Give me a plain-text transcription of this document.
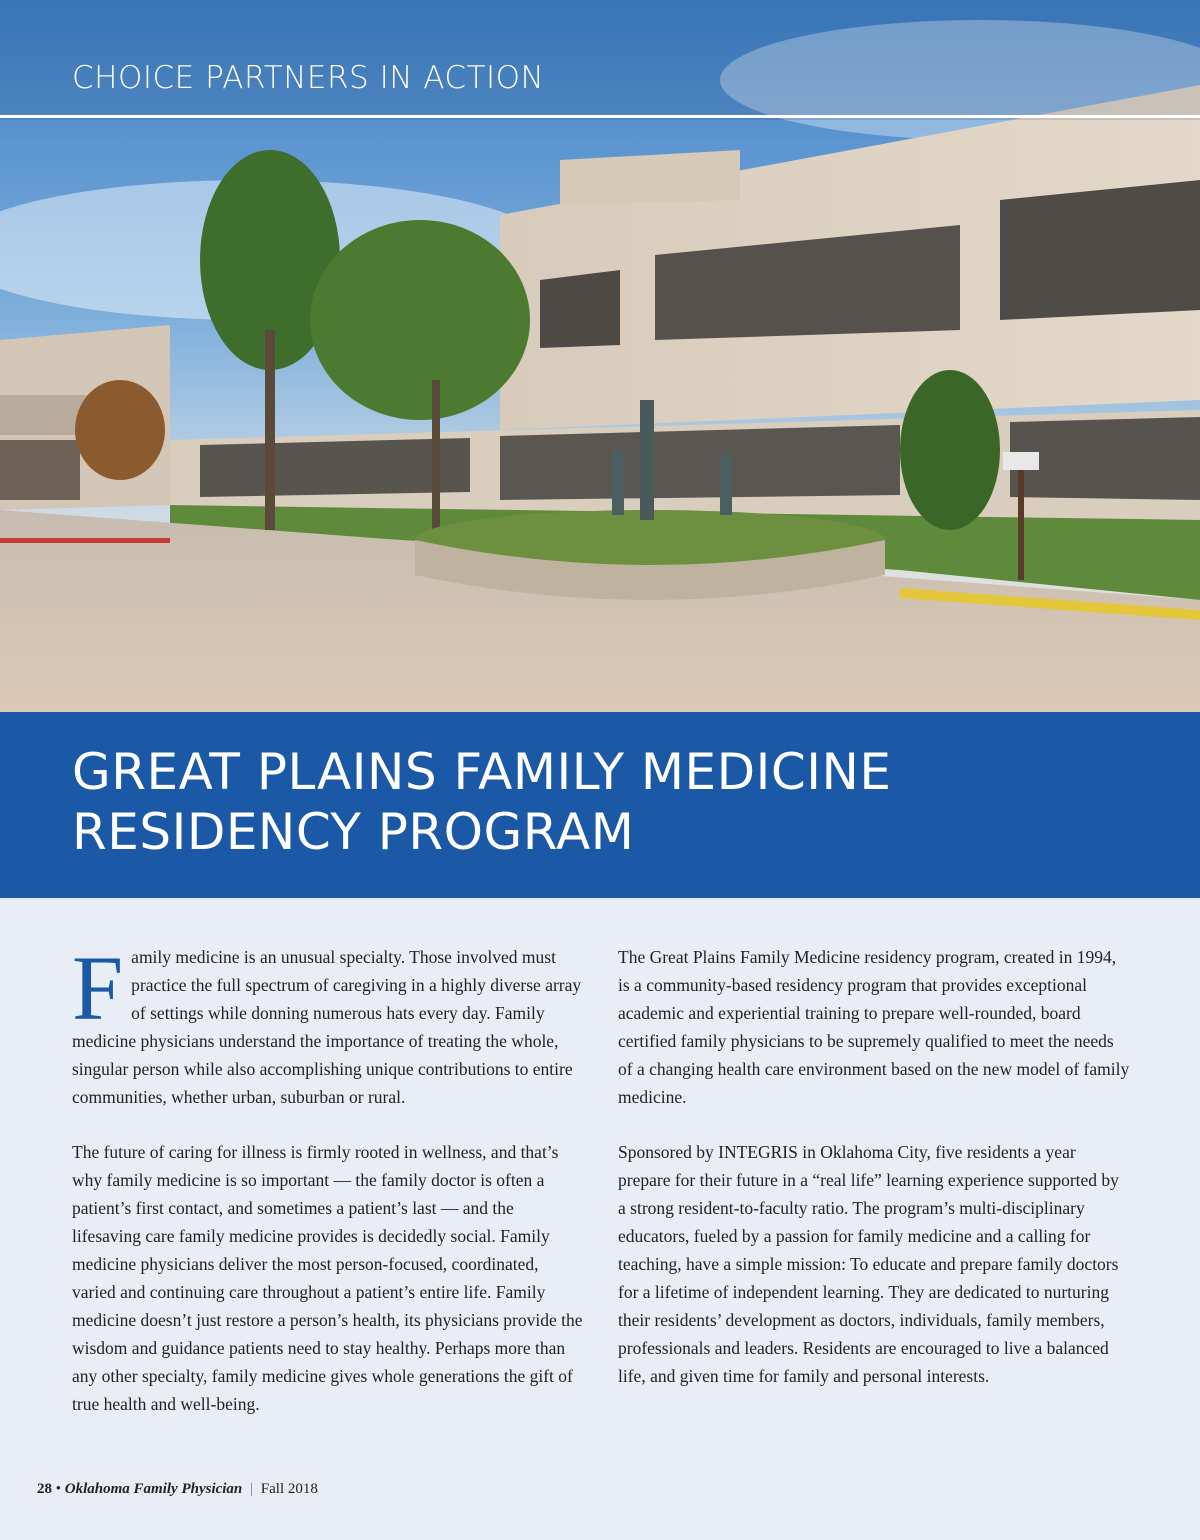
CHOICE PARTNERS IN ACTION
GREAT PLAINS FAMILY MEDICINE
RESIDENCY PROGRAM

Family medicine is an unusual specialty. Those involved must practice the full spectrum of caregiving in a highly diverse array of settings while donning numerous hats every day. Family medicine physicians understand the importance of treating the whole, singular person while also accomplishing unique contributions to entire communities, whether urban, suburban or rural.

The future of caring for illness is firmly rooted in wellness, and that’s why family medicine is so important — the family doctor is often a patient’s first contact, and sometimes a patient’s last — and the lifesaving care family medicine provides is decidedly social. Family medicine physicians deliver the most person-focused, coordinated, varied and continuing care throughout a patient’s entire life. Family medicine doesn’t just restore a person’s health, its physicians provide the wisdom and guidance patients need to stay healthy. Perhaps more than any other specialty, family medicine gives whole generations the gift of true health and well-being.

The Great Plains Family Medicine residency program, created in 1994, is a community-based residency program that provides exceptional academic and experiential training to prepare well-rounded, board certified family physicians to be supremely qualified to meet the needs of a changing health care environment based on the new model of family medicine.

Sponsored by INTEGRIS in Oklahoma City, five residents a year prepare for their future in a “real life” learning experience supported by a strong resident-to-faculty ratio. The program’s multi-disciplinary educators, fueled by a passion for family medicine and a calling for teaching, have a simple mission: To educate and prepare family doctors for a lifetime of independent learning. They are dedicated to nurturing their residents’ development as doctors, individuals, family members, professionals and leaders. Residents are encouraged to live a balanced life, and given time for family and personal interests.

28 • Oklahoma Family Physician | Fall 2018
